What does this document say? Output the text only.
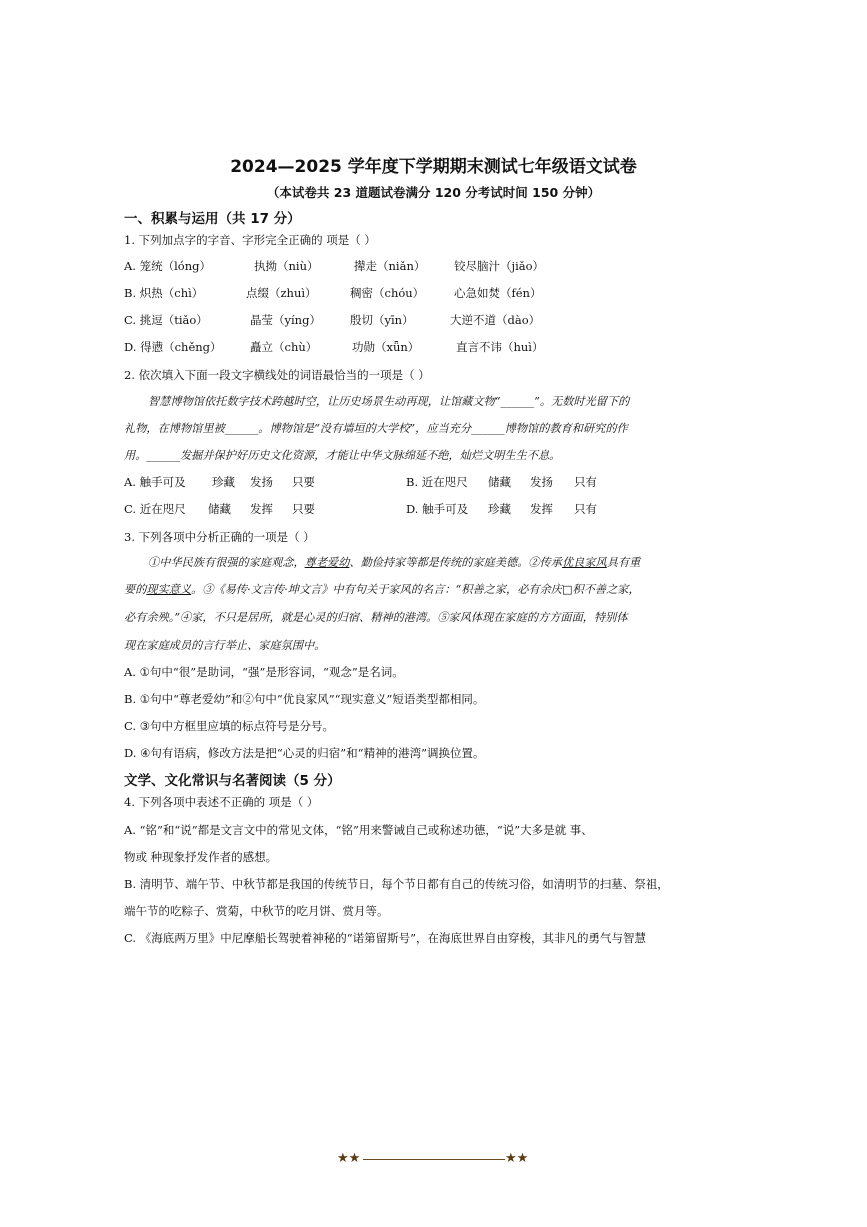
2024—2025 学年度下学期期末测试七年级语文试卷
（本试卷共 23 道题试卷满分 120 分考试时间 150 分钟）
一、积累与运用（共 17 分）
1. 下列加点字的字音、字形完全正确的 项是（ ）
A. 笼统（lóng）	执拗（niù）	撵走（niǎn） 铰尽脑汁（jiǎo）
B. 炽热（chì）	点缀（zhuì）	稠密（chóu）	心急如焚（fén）
C. 挑逗（tiǎo）	晶莹（yíng）	殷切（yīn）	大逆不道（dào）
D. 得懑（chěng） 矗立（chù）	功勋（xǖn）	直言不讳（huì）
2. 依次填入下面一段文字横线处的词语最恰当的一项是（ ）
智慧博物馆依托数字技术跨越时空，让历史场景生动再现，让馆藏文物“______”。无数时光留下的
礼物，在博物馆里被______。博物馆是“没有墙垣的大学校”，应当充分______博物馆的教育和研究的作
用。______发掘并保护好历史文化资源，才能让中华文脉绵延不绝，灿烂文明生生不息。
A. 触手可及 珍藏 发扬 只要	B. 近在咫尺 储藏 发扬 只有
C. 近在咫尺 储藏 发挥 只要	D. 触手可及 珍藏 发挥 只有
3. 下列各项中分析正确的一项是（ ）
①中华民族有很强的家庭观念，尊老爱幼、勤俭持家等都是传统的家庭美德。②传承优良家风具有重
要的现实意义。③《易传·文言传·坤文言》中有句关于家风的名言：“积善之家，必有余庆□积不善之家，
必有余殃。”④家，不只是居所，就是心灵的归宿、精神的港湾。⑤家风体现在家庭的方方面面，特别体
现在家庭成员的言行举止、家庭氛围中。
A. ①句中“很”是助词，“强”是形容词，“观念”是名词。
B. ①句中“尊老爱幼”和②句中“优良家风”“现实意义”短语类型都相同。
C. ③句中方框里应填的标点符号是分号。
D. ④句有语病，修改方法是把“心灵的归宿”和“精神的港湾”调换位置。
文学、文化常识与名著阅读（5 分）
4. 下列各项中表述不正确的 项是（ ）
A. “铭”和“说”都是文言文中的常见文体，“铭”用来警诫自己或称述功德，“说”大多是就 事、
物或 种现象抒发作者的感想。
B. 清明节、端午节、中秋节都是我国的传统节日，每个节日都有自己的传统习俗，如清明节的扫墓、祭祖，
端午节的吃粽子、赏菊，中秋节的吃月饼、赏月等。
C. 《海底两万里》中尼摩船长驾驶着神秘的“诺第留斯号”，在海底世界自由穿梭，其非凡的勇气与智慧
★★	★★
